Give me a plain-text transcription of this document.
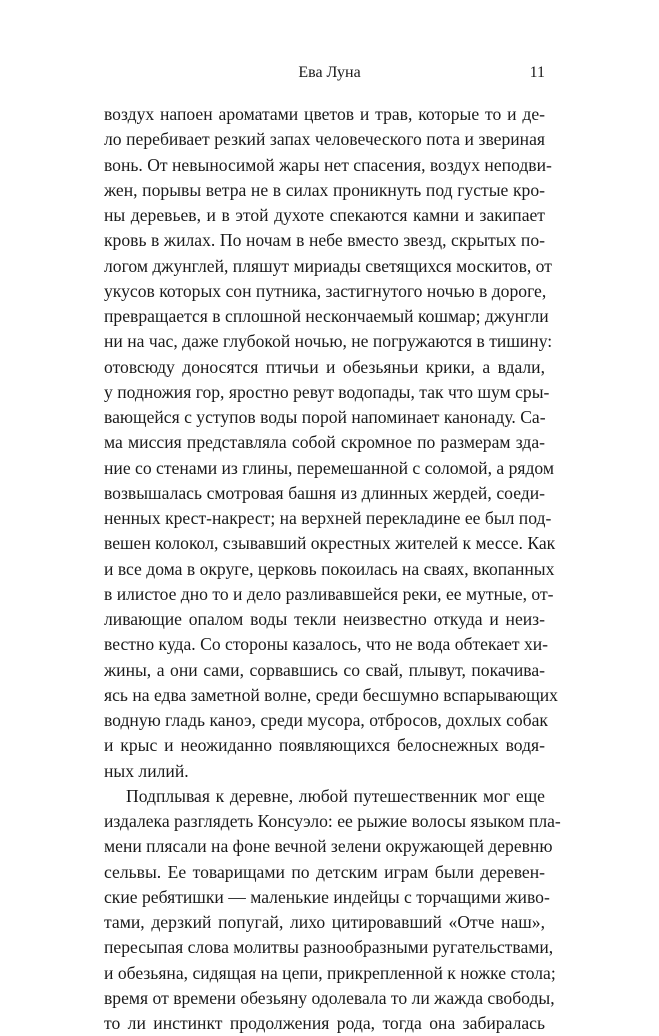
Ева Луна	11
воздух напоен ароматами цветов и трав, которые то и де-
ло перебивает резкий запах человеческого пота и звериная
вонь. От невыносимой жары нет спасения, воздух неподви-
жен, порывы ветра не в силах проникнуть под густые кро-
ны деревьев, и в этой духоте спекаются камни и закипает
кровь в жилах. По ночам в небе вместо звезд, скрытых по-
логом джунглей, пляшут мириады светящихся москитов, от
укусов которых сон путника, застигнутого ночью в дороге,
превращается в сплошной нескончаемый кошмар; джунгли
ни на час, даже глубокой ночью, не погружаются в тишину:
отовсюду доносятся птичьи и обезьяньи крики, а вдали,
у подножия гор, яростно ревут водопады, так что шум сры-
вающейся с уступов воды порой напоминает канонаду. Са-
ма миссия представляла собой скромное по размерам зда-
ние со стенами из глины, перемешанной с соломой, а рядом
возвышалась смотровая башня из длинных жердей, соеди-
ненных крест-накрест; на верхней перекладине ее был под-
вешен колокол, сзывавший окрестных жителей к мессе. Как
и все дома в округе, церковь покоилась на сваях, вкопанных
в илистое дно то и дело разливавшейся реки, ее мутные, от-
ливающие опалом воды текли неизвестно откуда и неиз-
вестно куда. Со стороны казалось, что не вода обтекает хи-
жины, а они сами, сорвавшись со свай, плывут, покачива-
ясь на едва заметной волне, среди бесшумно вспарывающих
водную гладь каноэ, среди мусора, отбросов, дохлых собак
и крыс и неожиданно появляющихся белоснежных водя-
ных лилий.
Подплывая к деревне, любой путешественник мог еще
издалека разглядеть Консуэло: ее рыжие волосы языком пла-
мени плясали на фоне вечной зелени окружающей деревню
сельвы. Ее товарищами по детским играм были деревен-
ские ребятишки — маленькие индейцы с торчащими живо-
тами, дерзкий попугай, лихо цитировавший «Отче наш»,
пересыпая слова молитвы разнообразными ругательствами,
и обезьяна, сидящая на цепи, прикрепленной к ножке стола;
время от времени обезьяну одолевала то ли жажда свободы,
то ли инстинкт продолжения рода, тогда она забиралась
